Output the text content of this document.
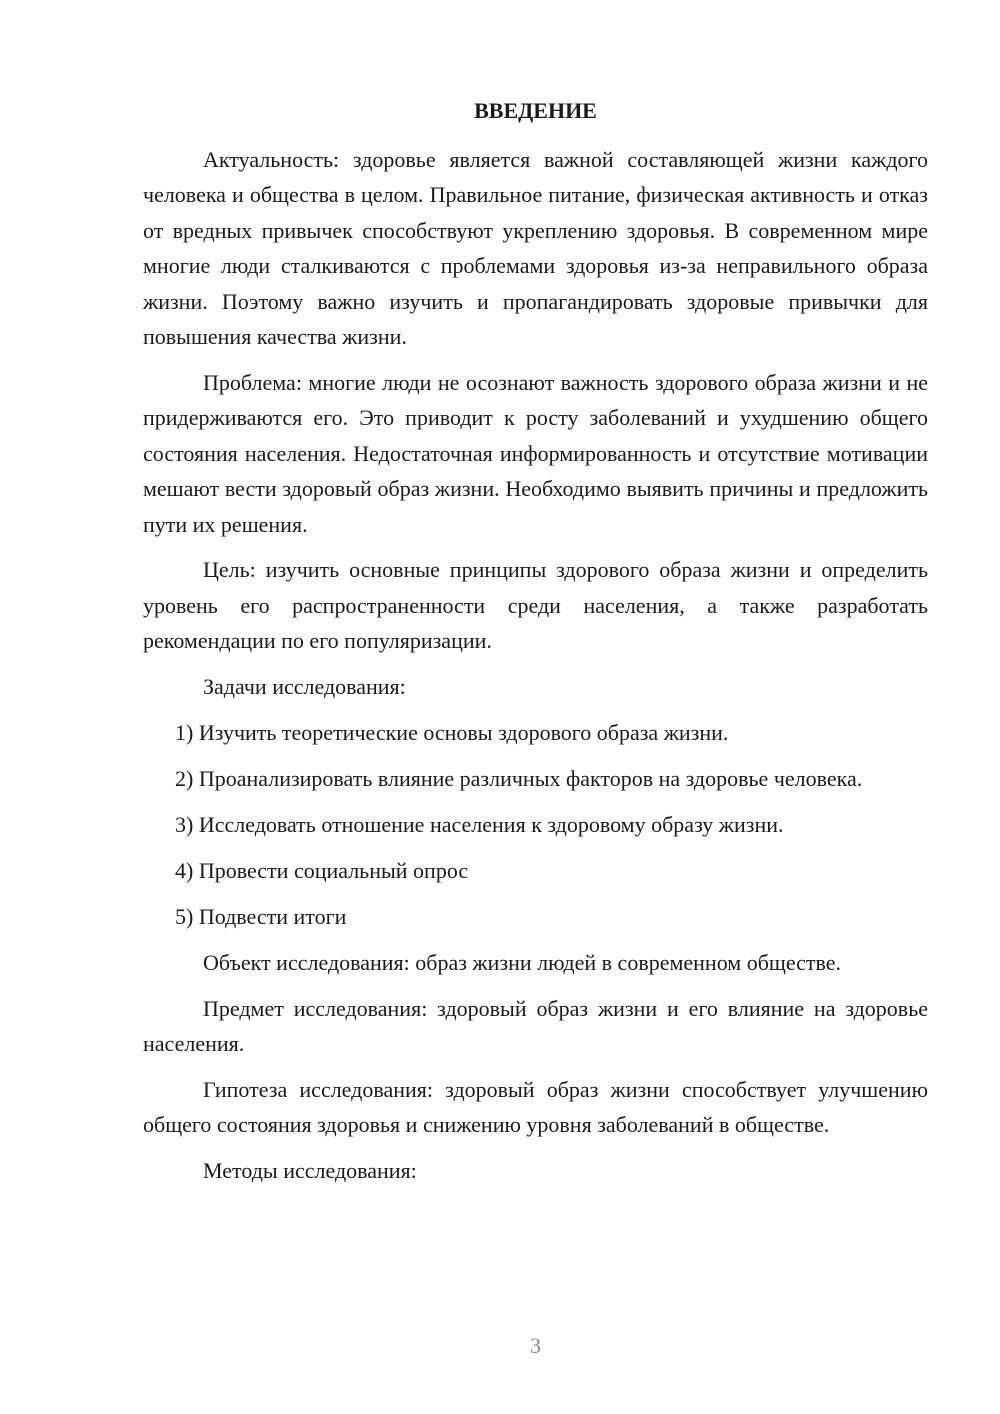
ВВЕДЕНИЕ

Актуальность: здоровье является важной составляющей жизни каждого человека и общества в целом. Правильное питание, физическая активность и отказ от вредных привычек способствуют укреплению здоровья. В современном мире многие люди сталкиваются с проблемами здоровья из-за неправильного образа жизни. Поэтому важно изучить и пропагандировать здоровые привычки для повышения качества жизни.

Проблема: многие люди не осознают важность здорового образа жизни и не придерживаются его. Это приводит к росту заболеваний и ухудшению общего состояния населения. Недостаточная информированность и отсутствие мотивации мешают вести здоровый образ жизни. Необходимо выявить причины и предложить пути их решения.

Цель: изучить основные принципы здорового образа жизни и определить уровень его распространенности среди населения, а также разработать рекомендации по его популяризации.

Задачи исследования:

1) Изучить теоретические основы здорового образа жизни.

2) Проанализировать влияние различных факторов на здоровье человека.

3) Исследовать отношение населения к здоровому образу жизни.

4) Провести социальный опрос

5) Подвести итоги

Объект исследования: образ жизни людей в современном обществе.

Предмет исследования: здоровый образ жизни и его влияние на здоровье населения.

Гипотеза исследования: здоровый образ жизни способствует улучшению общего состояния здоровья и снижению уровня заболеваний в обществе.

Методы исследования:

3
